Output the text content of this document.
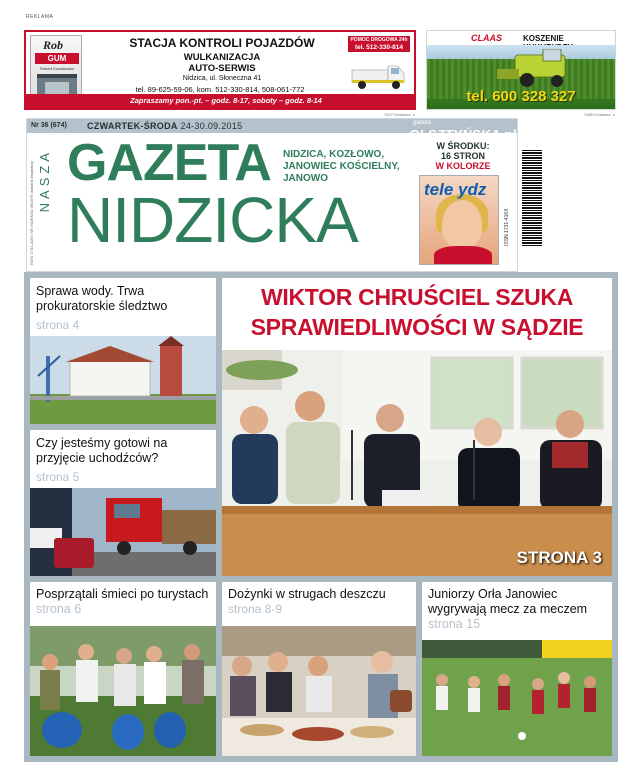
REKLAMA
Rob
GUM
Robert Kowalewicz
STACJA KONTROLI POJAZDÓW
WULKANIZACJA
AUTO-SERWIS
Nidzica, ul. Słoneczna 41
tel. 89-625-59-06, kom. 512-330-814, 508-061-772
POMOC DROGOWA 24h
tel. 512-330-814
Zapraszamy pon.-pt. – godz. 8-17, soboty – godz. 8-14
75277/reklama. n
CLAAS	KOSZENIE
tel. 600 328 327
75857/reklama. n
Nr 36 (674) CZWARTEK-ŚRODA 24-30.09.2015	gazeta
OLSZTYŃSKA.pl
ISSN 1731-416X NR INDEKSU 360376 dodatek bezpłatny NASZA GAZETA
NIDZICKA
NIDZICA, KOZŁOWO, JANOWIEC KOŚCIELNY, JANOWO
W ŚRODKU:
16 STRON
W KOLORZE
tele ydz
ISSN 1731-416X
Sprawa wody. Trwa prokuratorskie śledztwo
strona 4
Czy jesteśmy gotowi na przyjęcie uchodźców?
strona 5
WIKTOR CHRUŚCIEL SZUKA
SPRAWIEDLIWOŚCI W SĄDZIE
STRONA 3
Posprzątali śmieci po turystach strona 6
Dożynki w strugach deszczu
strona 8-9
Juniorzy Orła Janowiec wygrywają mecz za meczem strona 15
